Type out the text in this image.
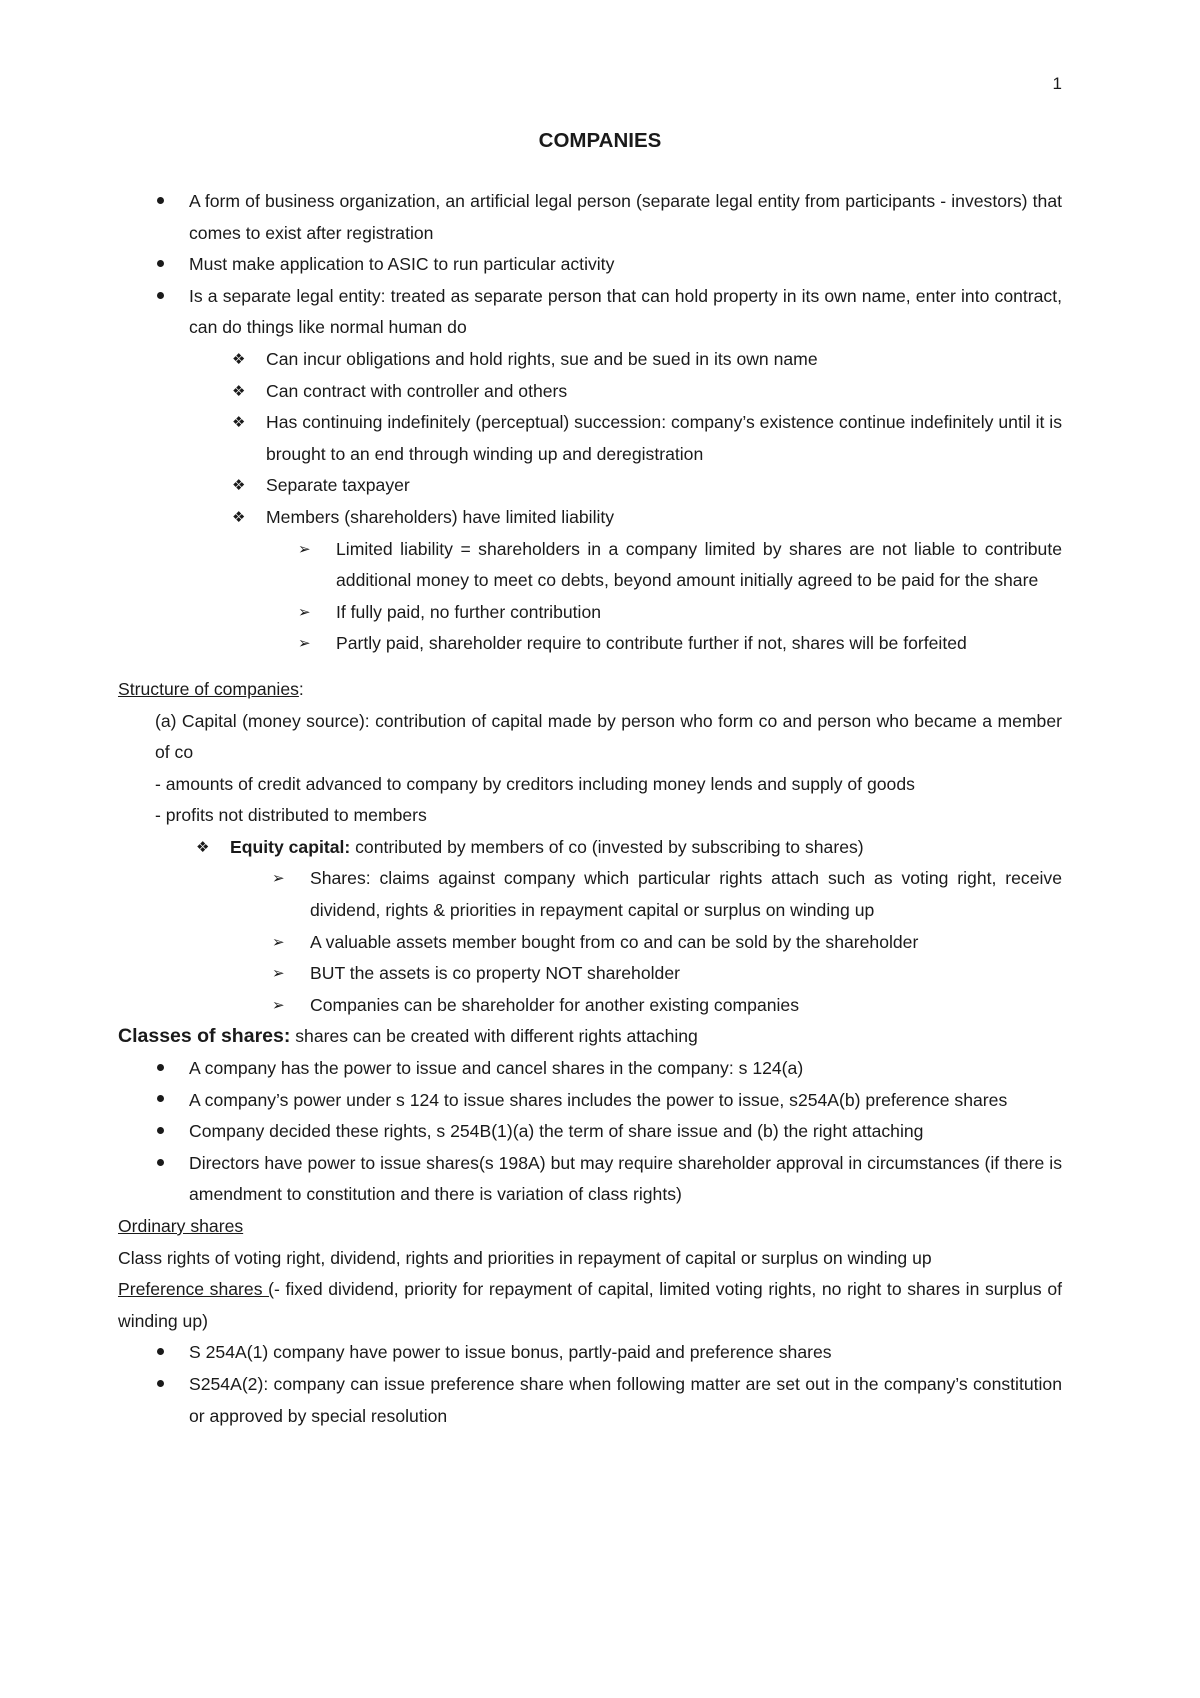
1
COMPANIES
A form of business organization, an artificial legal person (separate legal entity from participants - investors) that comes to exist after registration
Must make application to ASIC to run particular activity
Is a separate legal entity: treated as separate person that can hold property in its own name, enter into contract, can do things like normal human do
❖	Can incur obligations and hold rights, sue and be sued in its own name
❖	Can contract with controller and others
❖	Has continuing indefinitely (perceptual) succession: company’s existence continue indefinitely until it is brought to an end through winding up and deregistration
❖	Separate taxpayer
❖	Members (shareholders) have limited liability
➢	Limited liability = shareholders in a company limited by shares are not liable to contribute additional money to meet co debts, beyond amount initially agreed to be paid for the share
➢	If fully paid, no further contribution
➢	Partly paid, shareholder require to contribute further if not, shares will be forfeited

Structure of companies:

(a) Capital (money source): contribution of capital made by person who form co and person who became a member of co

- amounts of credit advanced to company by creditors including money lends and supply of goods

- profits not distributed to members

❖	Equity capital: contributed by members of co (invested by subscribing to shares)
➢	Shares: claims against company which particular rights attach such as voting right, receive dividend, rights & priorities in repayment capital or surplus on winding up
➢	A valuable assets member bought from co and can be sold by the shareholder
➢	BUT the assets is co property NOT shareholder
➢	Companies can be shareholder for another existing companies

Classes of shares: shares can be created with different rights attaching

A company has the power to issue and cancel shares in the company: s 124(a)
A company’s power under s 124 to issue shares includes the power to issue, s254A(b) preference shares
Company decided these rights, s 254B(1)(a) the term of share issue and (b) the right attaching
Directors have power to issue shares(s 198A) but may require shareholder approval in circumstances (if there is amendment to constitution and there is variation of class rights)

Ordinary shares

Class rights of voting right, dividend, rights and priorities in repayment of capital or surplus on winding up

Preference shares (- fixed dividend, priority for repayment of capital, limited voting rights, no right to shares in surplus of winding up)

S 254A(1) company have power to issue bonus, partly-paid and preference shares
S254A(2): company can issue preference share when following matter are set out in the company’s constitution or approved by special resolution
